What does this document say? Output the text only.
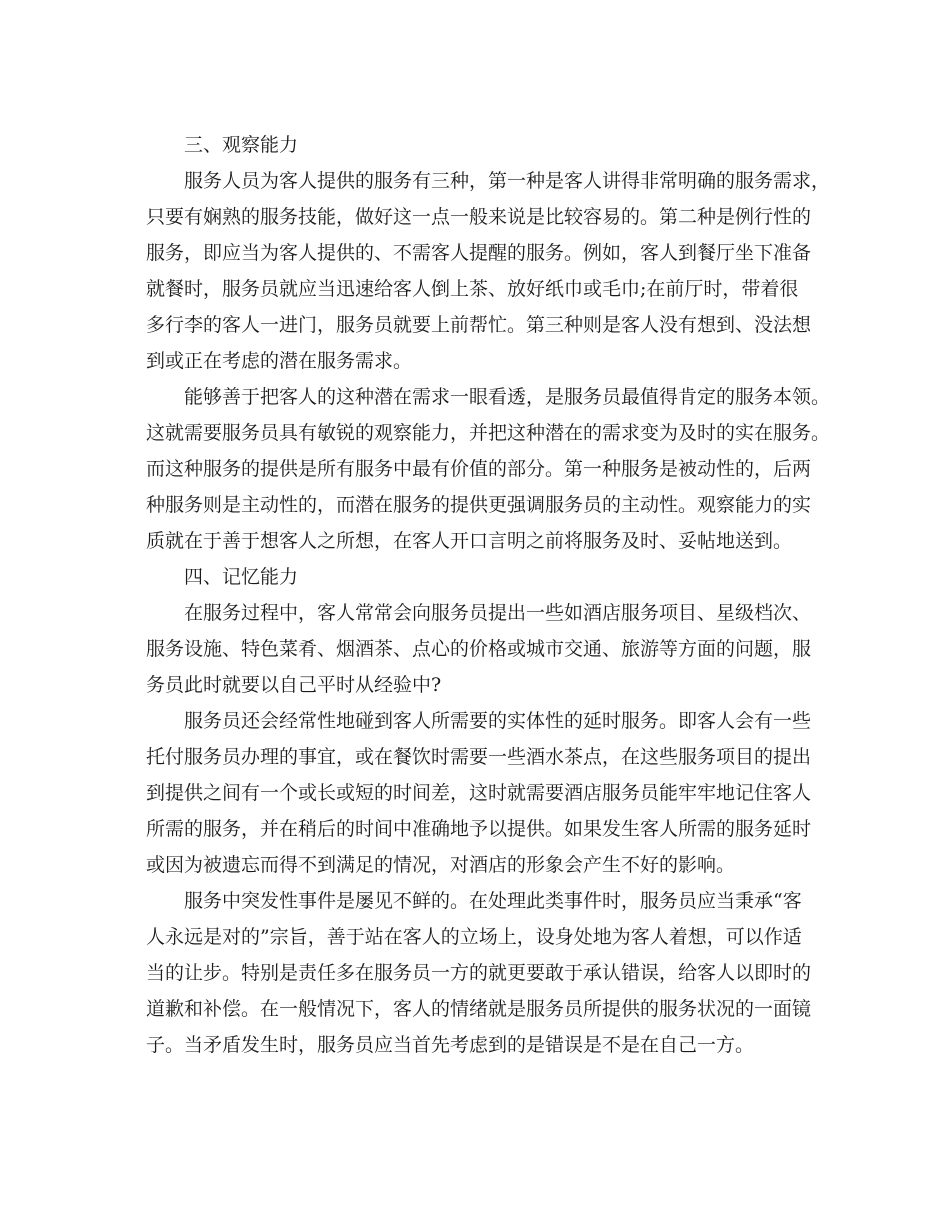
三、观察能力

服务人员为客人提供的服务有三种，第一种是客人讲得非常明确的服务需求，

只要有娴熟的服务技能，做好这一点一般来说是比较容易的。第二种是例行性的

服务，即应当为客人提供的、不需客人提醒的服务。例如，客人到餐厅坐下准备

就餐时，服务员就应当迅速给客人倒上茶、放好纸巾或毛巾;在前厅时，带着很

多行李的客人一进门，服务员就要上前帮忙。第三种则是客人没有想到、没法想

到或正在考虑的潜在服务需求。

能够善于把客人的这种潜在需求一眼看透，是服务员最值得肯定的服务本领。

这就需要服务员具有敏锐的观察能力，并把这种潜在的需求变为及时的实在服务。

而这种服务的提供是所有服务中最有价值的部分。第一种服务是被动性的，后两

种服务则是主动性的，而潜在服务的提供更强调服务员的主动性。观察能力的实

质就在于善于想客人之所想，在客人开口言明之前将服务及时、妥帖地送到。

四、记忆能力

在服务过程中，客人常常会向服务员提出一些如酒店服务项目、星级档次、

服务设施、特色菜肴、烟酒茶、点心的价格或城市交通、旅游等方面的问题，服

务员此时就要以自己平时从经验中?

服务员还会经常性地碰到客人所需要的实体性的延时服务。即客人会有一些

托付服务员办理的事宜，或在餐饮时需要一些酒水茶点，在这些服务项目的提出

到提供之间有一个或长或短的时间差，这时就需要酒店服务员能牢牢地记住客人

所需的服务，并在稍后的时间中准确地予以提供。如果发生客人所需的服务延时

或因为被遗忘而得不到满足的情况，对酒店的形象会产生不好的影响。

服务中突发性事件是屡见不鲜的。在处理此类事件时，服务员应当秉承“客

人永远是对的”宗旨，善于站在客人的立场上，设身处地为客人着想，可以作适

当的让步。特别是责任多在服务员一方的就更要敢于承认错误，给客人以即时的

道歉和补偿。在一般情况下，客人的情绪就是服务员所提供的服务状况的一面镜

子。当矛盾发生时，服务员应当首先考虑到的是错误是不是在自己一方。
